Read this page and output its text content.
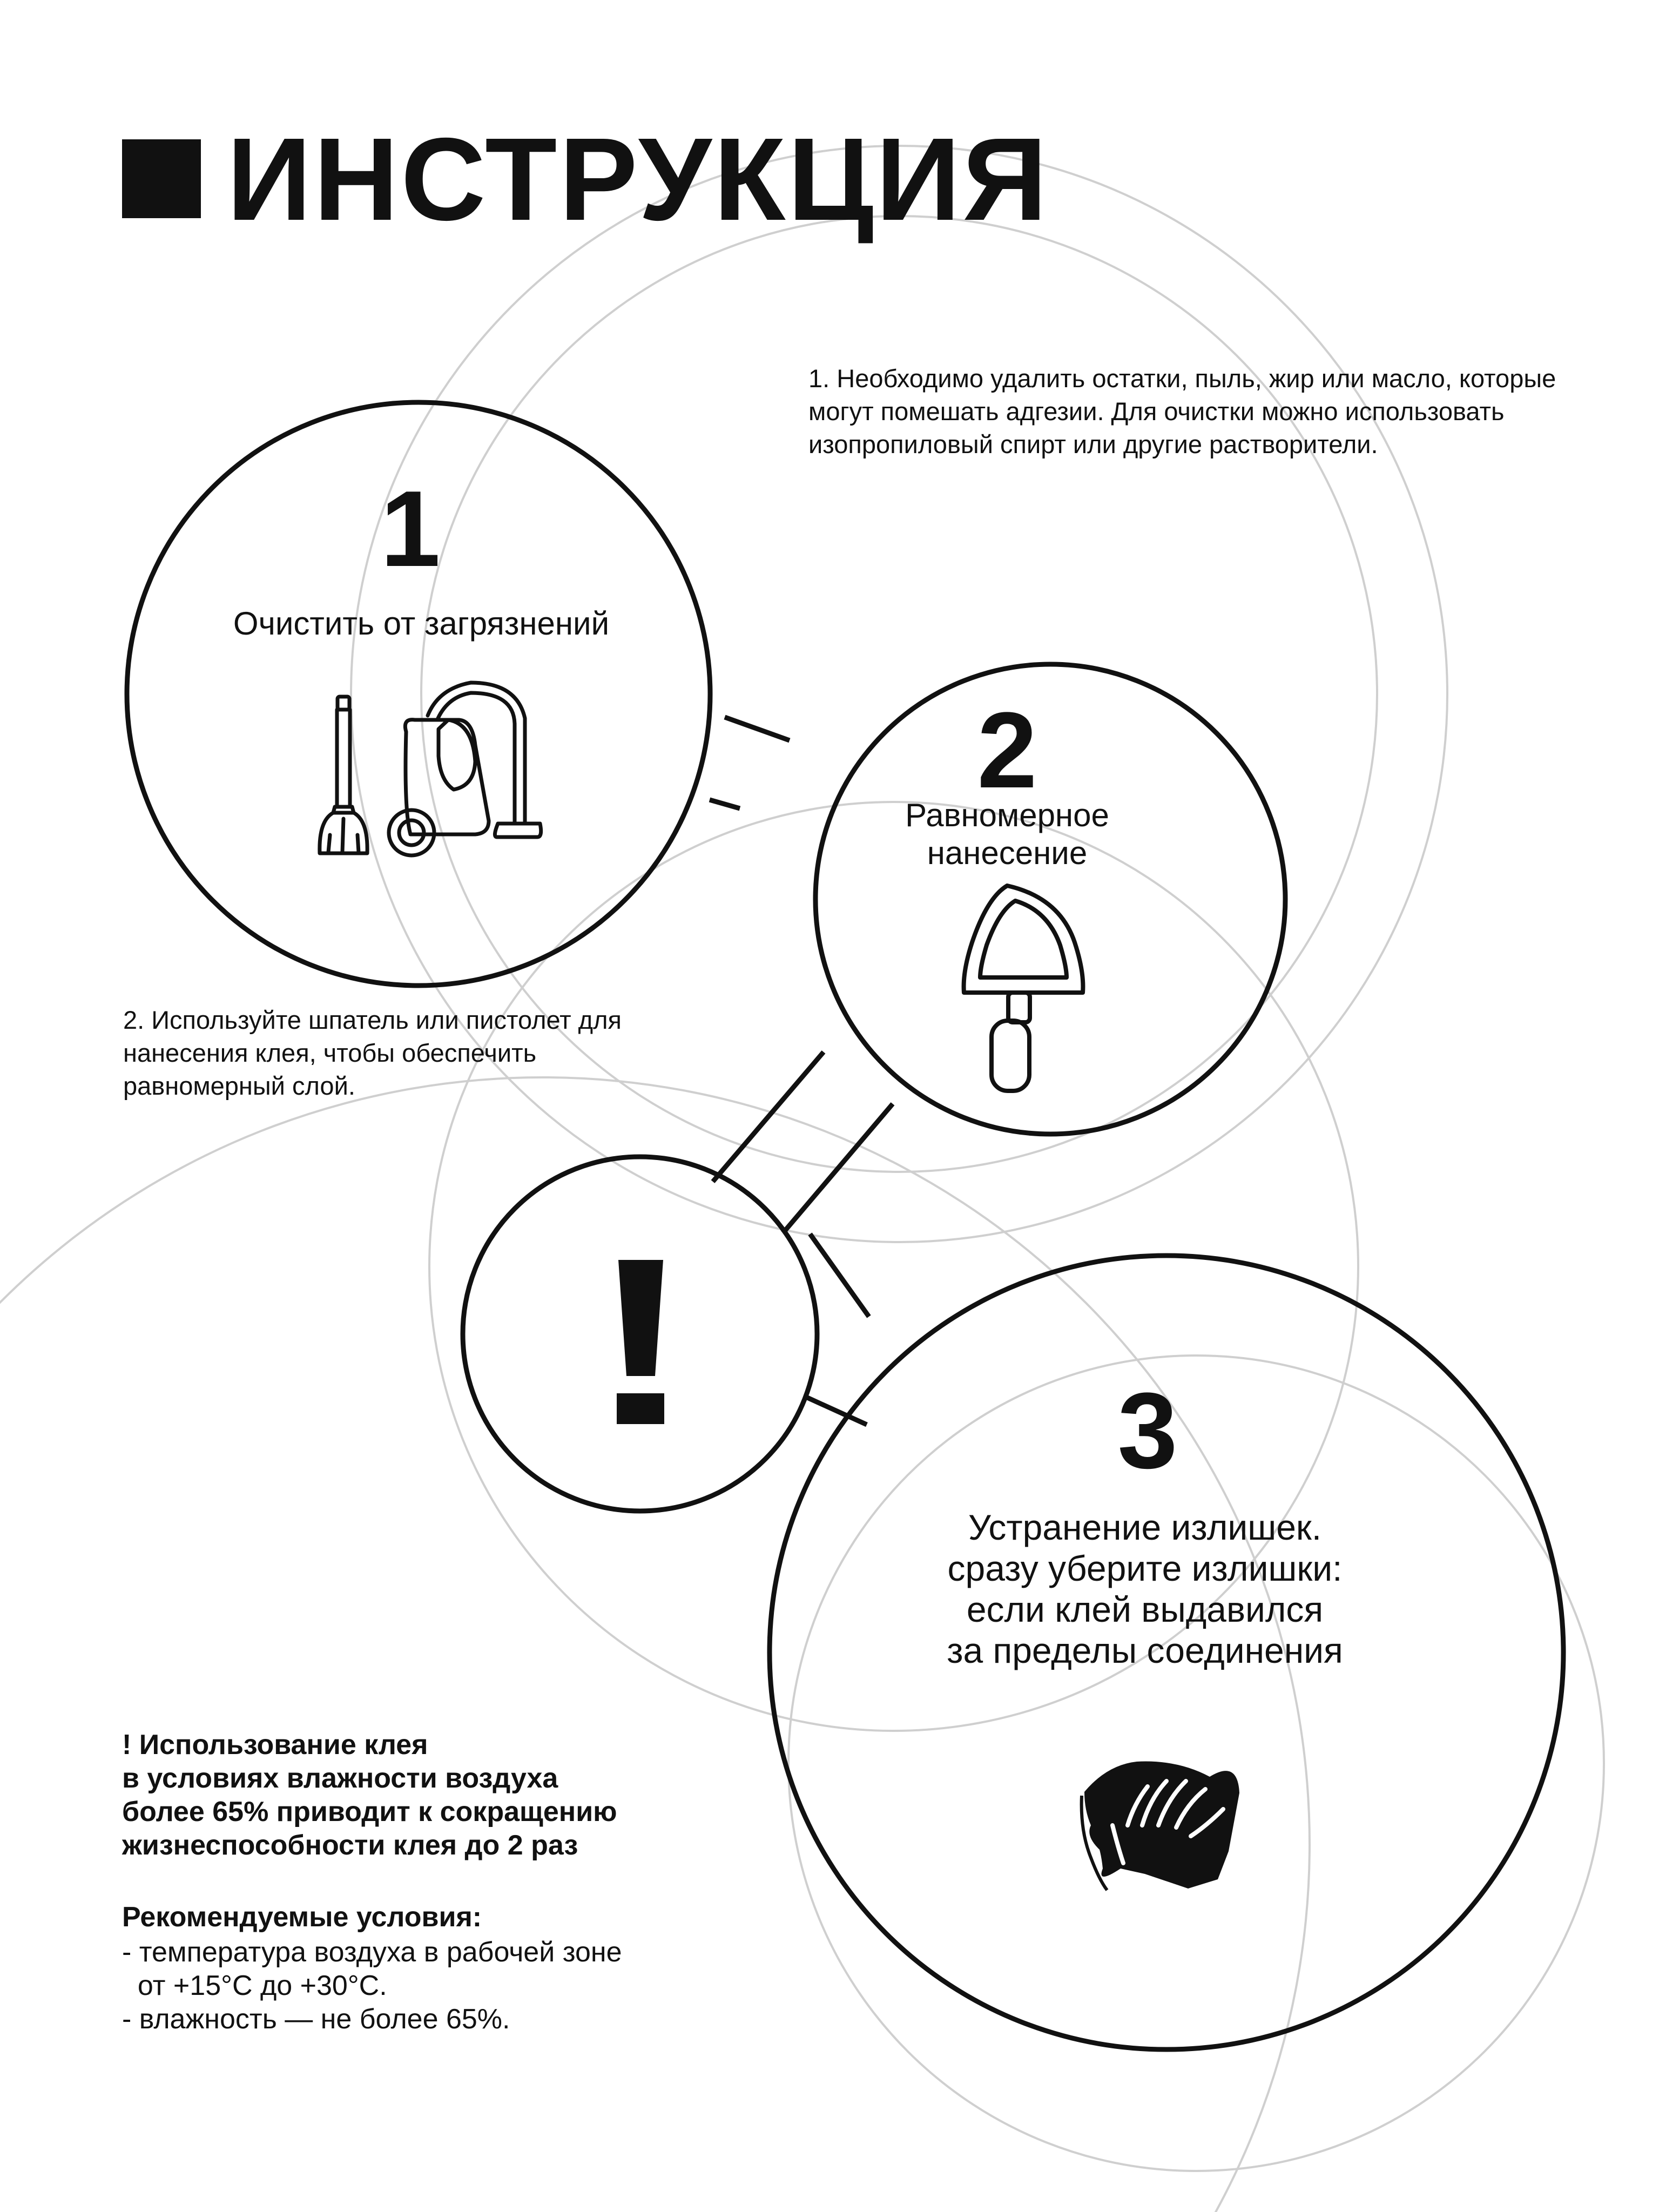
ИНСТРУКЦИЯ

1. Необходимо удалить остатки, пыль, жир или масло, которые могут помешать адгезии. Для очистки можно использовать изопропиловый спирт или другие растворители.

2. Используйте шпатель или пистолет для нанесения клея, чтобы обеспечить равномерный слой.

1
Очистить от загрязнений
2
Равномерное нанесение
3
Устранение излишек.
сразу уберите излишки:
если клей выдавился
за пределы соединения
! Использование клея
в условиях влажности воздуха
более 65% приводит к сокращению
жизнеспособности клея до 2 раз
Рекомендуемые условия:
- температура воздуха в рабочей зоне
от +15°С до +30°С.
- влажность — не более 65%.
